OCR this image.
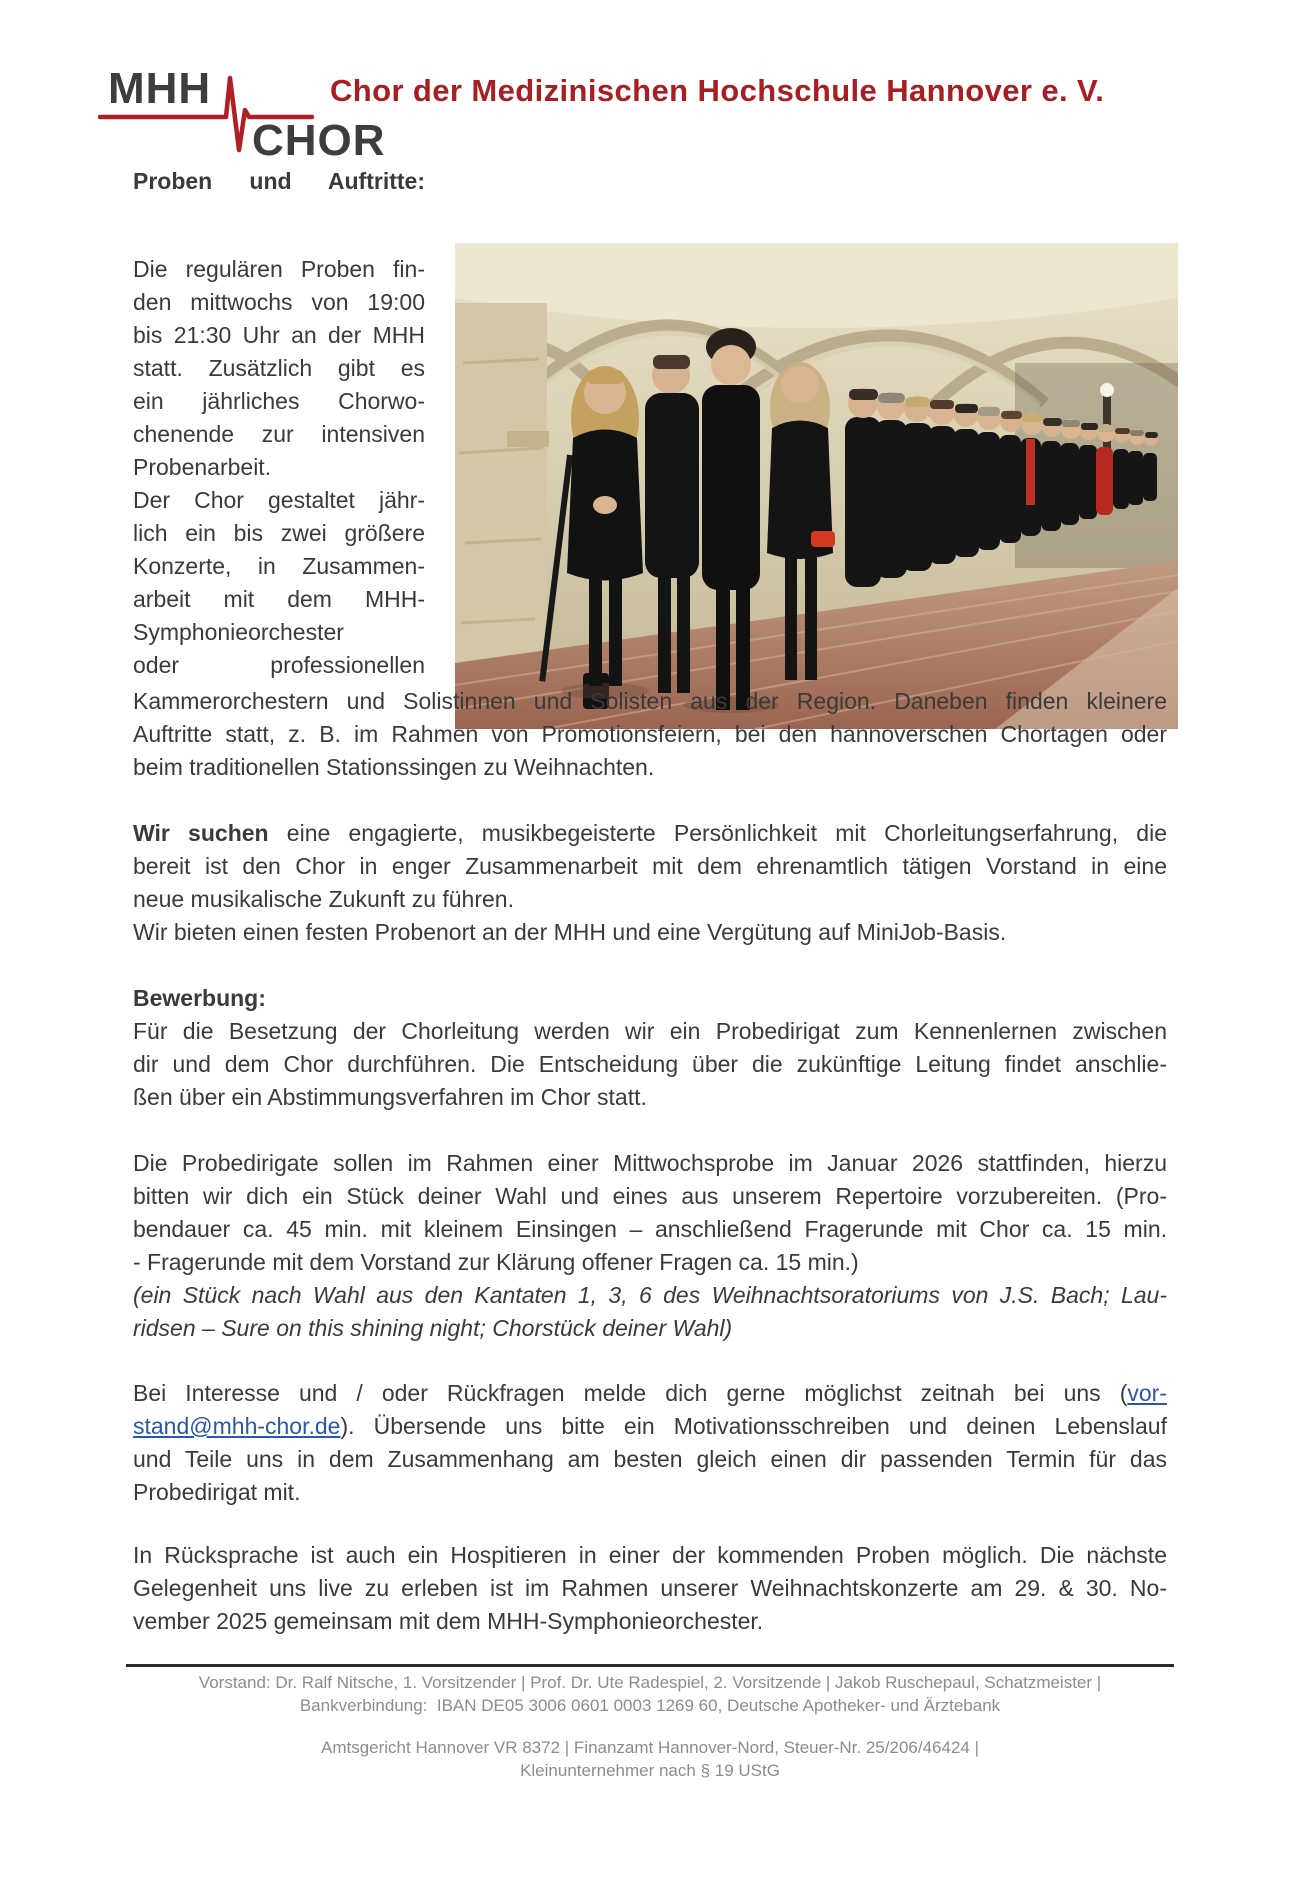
MHH
CHOR
Chor der Medizinischen Hochschule Hannover e. V.
Proben und Auftritte:
Die regulären Proben fin-
den mittwochs von 19:00
bis 21:30 Uhr an der MHH
statt. Zusätzlich gibt es
ein jährliches Chorwo-
chenende zur intensiven
Probenarbeit.
Der Chor gestaltet jähr-
lich ein bis zwei größere
Konzerte, in Zusammen-
arbeit mit dem MHH-
Symphonieorchester
oder professionellen
Kammerorchestern und Solistinnen und Solisten aus der Region. Daneben finden kleinere
Auftritte statt, z. B. im Rahmen von Promotionsfeiern, bei den hannoverschen Chortagen oder
beim traditionellen Stationssingen zu Weihnachten.
Wir suchen eine engagierte, musikbegeisterte Persönlichkeit mit Chorleitungserfahrung, die
bereit ist den Chor in enger Zusammenarbeit mit dem ehrenamtlich tätigen Vorstand in eine
neue musikalische Zukunft zu führen.
Wir bieten einen festen Probenort an der MHH und eine Vergütung auf MiniJob-Basis.
Bewerbung:
Für die Besetzung der Chorleitung werden wir ein Probedirigat zum Kennenlernen zwischen
dir und dem Chor durchführen. Die Entscheidung über die zukünftige Leitung findet anschlie-
ßen über ein Abstimmungsverfahren im Chor statt.
Die Probedirigate sollen im Rahmen einer Mittwochsprobe im Januar 2026 stattfinden, hierzu
bitten wir dich ein Stück deiner Wahl und eines aus unserem Repertoire vorzubereiten. (Pro-
bendauer ca. 45 min. mit kleinem Einsingen – anschließend Fragerunde mit Chor ca. 15 min.
- Fragerunde mit dem Vorstand zur Klärung offener Fragen ca. 15 min.)
(ein Stück nach Wahl aus den Kantaten 1, 3, 6 des Weihnachtsoratoriums von J.S. Bach; Lau-
ridsen – Sure on this shining night; Chorstück deiner Wahl)
Bei Interesse und / oder Rückfragen melde dich gerne möglichst zeitnah bei uns (vor-
stand@mhh-chor.de). Übersende uns bitte ein Motivationsschreiben und deinen Lebenslauf
und Teile uns in dem Zusammenhang am besten gleich einen dir passenden Termin für das
Probedirigat mit.
In Rücksprache ist auch ein Hospitieren in einer der kommenden Proben möglich. Die nächste
Gelegenheit uns live zu erleben ist im Rahmen unserer Weihnachtskonzerte am 29. & 30. No-
vember 2025 gemeinsam mit dem MHH-Symphonieorchester.
Vorstand: Dr. Ralf Nitsche, 1. Vorsitzender | Prof. Dr. Ute Radespiel, 2. Vorsitzende | Jakob Ruschepaul, Schatzmeister |
Bankverbindung:  IBAN DE05 3006 0601 0003 1269 60, Deutsche Apotheker- und Ärztebank
Amtsgericht Hannover VR 8372 | Finanzamt Hannover-Nord, Steuer-Nr. 25/206/46424 |
Kleinunternehmer nach § 19 UStG
